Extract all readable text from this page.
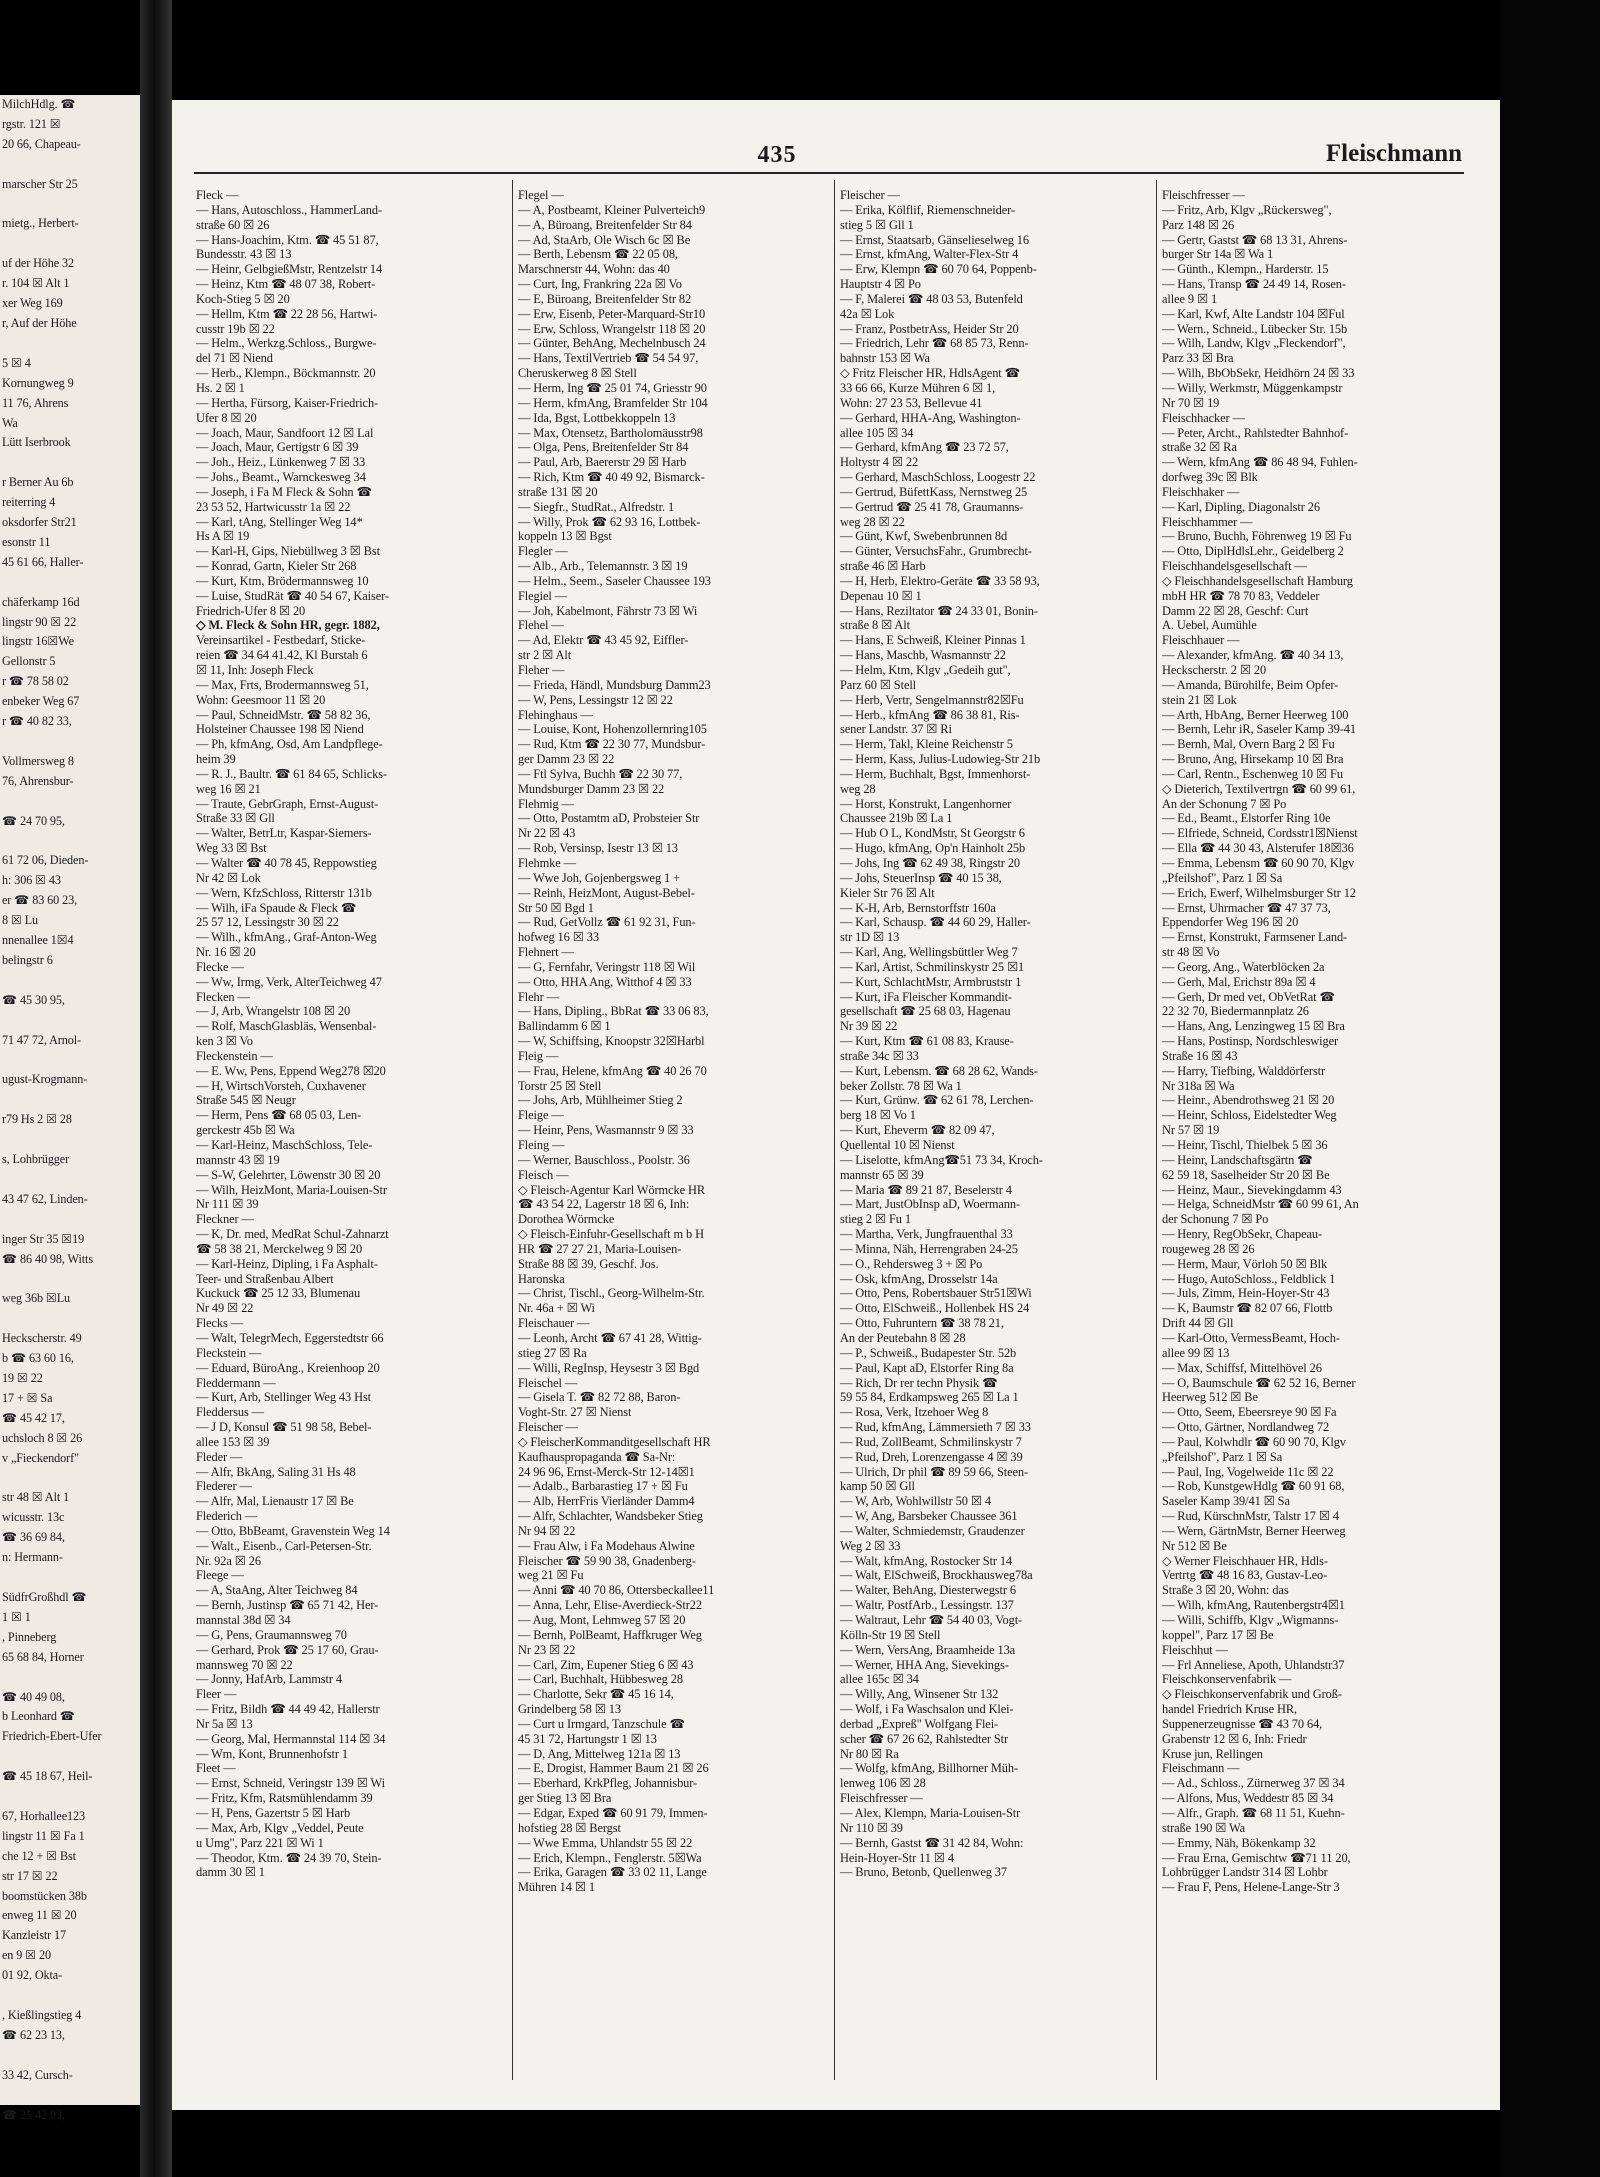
MilchHdlg. ☎
rgstr. 121 ☒
20 66, Chapeau-

marscher Str 25

mietg., Herbert-

uf der Höhe 32
r. 104 ☒ Alt 1
xer Weg 169
r, Auf der Höhe

5 ☒ 4
Kornungweg 9
11 76, Ahrens
Wa
Lütt Iserbrook

r Berner Au 6b
reiterring 4
oksdorfer Str21
esonstr 11
45 61 66, Haller-

chäferkamp 16d
lingstr 90 ☒ 22
lingstr 16☒We
Gellonstr 5
r ☎ 78 58 02
enbeker Weg 67
r ☎ 40 82 33,

Vollmersweg 8
76, Ahrensbur-

☎ 24 70 95,

61 72 06, Dieden-
h: 306 ☒ 43
er ☎ 83 60 23,
8 ☒ Lu
nnenallee 1☒4
belingstr 6

☎ 45 30 95,

71 47 72, Arnol-

ugust-Krogmann-

r79 Hs 2 ☒ 28

s, Lohbrügger

43 47 62, Linden-

inger Str 35 ☒19
☎ 86 40 98, Witts

weg 36b ☒Lu

Heckscherstr. 49
b ☎ 63 60 16,
19 ☒ 22
17 + ☒ Sa
☎ 45 42 17,
uchsloch 8 ☒ 26
v „Fieckendorf"

str 48 ☒ Alt 1
wicusstr. 13c
☎ 36 69 84,
n: Hermann-

SüdfrGroßhdl ☎
1 ☒ 1
, Pinneberg
65 68 84, Horner

☎ 40 49 08,
b Leonhard ☎
Friedrich-Ebert-Ufer

☎ 45 18 67, Heil-

67, Horhallee123
lingstr 11 ☒ Fa 1
che 12 + ☒ Bst
str 17 ☒ 22
boomstücken 38b
enweg 11 ☒ 20
Kanzleistr 17
en 9 ☒ 20
01 92, Okta-

, Kießlingstieg 4
☎ 62 23 13,

33 42, Cursch-

☎ 25 42 03,
435	Fleischmann
Fleck —
— Hans, Autoschloss., HammerLand-
straße 60 ☒ 26
— Hans-Joachim, Ktm. ☎ 45 51 87,
Bundesstr. 43 ☒ 13
— Heinr, GelbgießMstr, Rentzelstr 14
— Heinz, Ktm ☎ 48 07 38, Robert-
Koch-Stieg 5 ☒ 20
— Hellm, Ktm ☎ 22 28 56, Hartwi-
cusstr 19b ☒ 22
— Helm., Werkzg.Schloss., Burgwe-
del 71 ☒ Niend
— Herb., Klempn., Böckmannstr. 20
Hs. 2 ☒ 1
— Hertha, Fürsorg, Kaiser-Friedrich-
Ufer 8 ☒ 20
— Joach, Maur, Sandfoort 12 ☒ Lal
— Joach, Maur, Gertigstr 6 ☒ 39
— Joh., Heiz., Lünkenweg 7 ☒ 33
— Johs., Beamt., Warnckesweg 34
— Joseph, i Fa M Fleck & Sohn ☎
23 53 52, Hartwicusstr 1a ☒ 22
— Karl, tAng, Stellinger Weg 14*
Hs A ☒ 19
— Karl-H, Gips, Niebüllweg 3 ☒ Bst
— Konrad, Gartn, Kieler Str 268
— Kurt, Ktm, Brödermannsweg 10
— Luise, StudRät ☎ 40 54 67, Kaiser-
Friedrich-Ufer 8 ☒ 20
◇ M. Fleck & Sohn HR, gegr. 1882,
Vereinsartikel - Festbedarf, Sticke-
reien ☎ 34 64 41.42, Kl Burstah 6
☒ 11, Inh: Joseph Fleck
— Max, Frts, Brodermannsweg 51,
Wohn: Geesmoor 11 ☒ 20
— Paul, SchneidMstr. ☎ 58 82 36,
Holsteiner Chaussee 198 ☒ Niend
— Ph, kfmAng, Osd, Am Landpflege-
heim 39
— R. J., Baultr. ☎ 61 84 65, Schlicks-
weg 16 ☒ 21
— Traute, GebrGraph, Ernst-August-
Straße 33 ☒ Gll
— Walter, BetrLtr, Kaspar-Siemers-
Weg 33 ☒ Bst
— Walter ☎ 40 78 45, Reppowstieg
Nr 42 ☒ Lok
— Wern, KfzSchloss, Ritterstr 131b
— Wilh, iFa Spaude & Fleck ☎
25 57 12, Lessingstr 30 ☒ 22
— Wilh., kfmAng., Graf-Anton-Weg
Nr. 16 ☒ 20
Flecke —
— Ww, Irmg, Verk, AlterTeichweg 47
Flecken —
— J, Arb, Wrangelstr 108 ☒ 20
— Rolf, MaschGlasbläs, Wensenbal-
ken 3 ☒ Vo
Fleckenstein —
— E. Ww, Pens, Eppend Weg278 ☒20
— H, WirtschVorsteh, Cuxhavener
Straße 545 ☒ Neugr
— Herm, Pens ☎ 68 05 03, Len-
gerckestr 45b ☒ Wa
— Karl-Heinz, MaschSchloss, Tele-
mannstr 43 ☒ 19
— S-W, Gelehrter, Löwenstr 30 ☒ 20
— Wilh, HeizMont, Maria-Louisen-Str
Nr 111 ☒ 39
Fleckner —
— K, Dr. med, MedRat Schul-Zahnarzt
☎ 58 38 21, Merckelweg 9 ☒ 20
— Karl-Heinz, Dipling, i Fa Asphalt-
Teer- und Straßenbau Albert
Kuckuck ☎ 25 12 33, Blumenau
Nr 49 ☒ 22
Flecks —
— Walt, TelegrMech, Eggerstedtstr 66
Fleckstein —
— Eduard, BüroAng., Kreienhoop 20
Fleddermann —
— Kurt, Arb, Stellinger Weg 43 Hst
Fleddersus —
— J D, Konsul ☎ 51 98 58, Bebel-
allee 153 ☒ 39
Fleder —
— Alfr, BkAng, Saling 31 Hs 48
Flederer —
— Alfr, Mal, Lienaustr 17 ☒ Be
Flederich —
— Otto, BbBeamt, Gravenstein Weg 14
— Walt., Eisenb., Carl-Petersen-Str.
Nr. 92a ☒ 26
Fleege —
— A, StaAng, Alter Teichweg 84
— Bernh, Justinsp ☎ 65 71 42, Her-
mannstal 38d ☒ 34
— G, Pens, Graumannsweg 70
— Gerhard, Prok ☎ 25 17 60, Grau-
mannsweg 70 ☒ 22
— Jonny, HafArb, Lammstr 4
Fleer —
— Fritz, Bildh ☎ 44 49 42, Hallerstr
Nr 5a ☒ 13
— Georg, Mal, Hermannstal 114 ☒ 34
— Wm, Kont, Brunnenhofstr 1
Fleet —
— Ernst, Schneid, Veringstr 139 ☒ Wi
— Fritz, Kfm, Ratsmühlendamm 39
— H, Pens, Gazertstr 5 ☒ Harb
— Max, Arb, Klgv „Veddel, Peute
u Umg", Parz 221 ☒ Wi 1
— Theodor, Ktm. ☎ 24 39 70, Stein-
damm 30 ☒ 1
Flegel —
— A, Postbeamt, Kleiner Pulverteich9
— A, Büroang, Breitenfelder Str 84
— Ad, StaArb, Ole Wisch 6c ☒ Be
— Berth, Lebensm ☎ 22 05 08,
Marschnerstr 44, Wohn: das 40
— Curt, Ing, Frankring 22a ☒ Vo
— E, Büroang, Breitenfelder Str 82
— Erw, Eisenb, Peter-Marquard-Str10
— Erw, Schloss, Wrangelstr 118 ☒ 20
— Günter, BehAng, Mechelnbusch 24
— Hans, TextilVertrieb ☎ 54 54 97,
Cheruskerweg 8 ☒ Stell
— Herm, Ing ☎ 25 01 74, Griesstr 90
— Herm, kfmAng, Bramfelder Str 104
— Ida, Bgst, Lottbekkoppeln 13
— Max, Otensetz, Bartholomäusstr98
— Olga, Pens, Breitenfelder Str 84
— Paul, Arb, Baererstr 29 ☒ Harb
— Rich, Ktm ☎ 40 49 92, Bismarck-
straße 131 ☒ 20
— Siegfr., StudRat., Alfredstr. 1
— Willy, Prok ☎ 62 93 16, Lottbek-
koppeln 13 ☒ Bgst
Flegler —
— Alb., Arb., Telemannstr. 3 ☒ 19
— Helm., Seem., Saseler Chaussee 193
Flegiel —
— Joh, Kabelmont, Fährstr 73 ☒ Wi
Flehel —
— Ad, Elektr ☎ 43 45 92, Eiffler-
str 2 ☒ Alt
Fleher —
— Frieda, Händl, Mundsburg Damm23
— W, Pens, Lessingstr 12 ☒ 22
Flehinghaus —
— Louise, Kont, Hohenzollernring105
— Rud, Ktm ☎ 22 30 77, Mundsbur-
ger Damm 23 ☒ 22
— Ftl Sylva, Buchh ☎ 22 30 77,
Mundsburger Damm 23 ☒ 22
Flehmig —
— Otto, Postamtm aD, Probsteier Str
Nr 22 ☒ 43
— Rob, Versinsp, Isestr 13 ☒ 13
Flehmke —
— Wwe Joh, Gojenbergsweg 1 +
— Reinh, HeizMont, August-Bebel-
Str 50 ☒ Bgd 1
— Rud, GetVollz ☎ 61 92 31, Fun-
hofweg 16 ☒ 33
Flehnert —
— G, Fernfahr, Veringstr 118 ☒ Wil
— Otto, HHA Ang, Witthof 4 ☒ 33
Flehr —
— Hans, Dipling., BbRat ☎ 33 06 83,
Ballindamm 6 ☒ 1
— W, Schiffsing, Knoopstr 32☒Harbl
Fleig —
— Frau, Helene, kfmAng ☎ 40 26 70
Torstr 25 ☒ Stell
— Johs, Arb, Mühlheimer Stieg 2
Fleige —
— Heinr, Pens, Wasmannstr 9 ☒ 33
Fleing —
— Werner, Bauschloss., Poolstr. 36
Fleisch —
◇ Fleisch-Agentur Karl Wörmcke HR
☎ 43 54 22, Lagerstr 18 ☒ 6, Inh:
Dorothea Wörmcke
◇ Fleisch-Einfuhr-Gesellschaft m b H
HR ☎ 27 27 21, Maria-Louisen-
Straße 88 ☒ 39, Geschf. Jos.
Haronska
— Christ, Tischl., Georg-Wilhelm-Str.
Nr. 46a + ☒ Wi
Fleischauer —
— Leonh, Archt ☎ 67 41 28, Wittig-
stieg 27 ☒ Ra
— Willi, RegInsp, Heysestr 3 ☒ Bgd
Fleischel —
— Gisela T. ☎ 82 72 88, Baron-
Voght-Str. 27 ☒ Nienst
Fleischer —
◇ FleischerKommanditgesellschaft HR
Kaufhauspropaganda ☎ Sa-Nr:
24 96 96, Ernst-Merck-Str 12-14☒1
— Adalb., Barbarastieg 17 + ☒ Fu
— Alb, HerrFris Vierländer Damm4
— Alfr, Schlachter, Wandsbeker Stieg
Nr 94 ☒ 22
— Frau Alw, i Fa Modehaus Alwine
Fleischer ☎ 59 90 38, Gnadenberg-
weg 21 ☒ Fu
— Anni ☎ 40 70 86, Ottersbeckallee11
— Anna, Lehr, Elise-Averdieck-Str22
— Aug, Mont, Lehmweg 57 ☒ 20
— Bernh, PolBeamt, Haffkruger Weg
Nr 23 ☒ 22
— Carl, Zim, Eupener Stieg 6 ☒ 43
— Carl, Buchhalt, Hübbesweg 28
— Charlotte, Sekr ☎ 45 16 14,
Grindelberg 58 ☒ 13
— Curt u Irmgard, Tanzschule ☎
45 31 72, Hartungstr 1 ☒ 13
— D, Ang, Mittelweg 121a ☒ 13
— E, Drogist, Hammer Baum 21 ☒ 26
— Eberhard, KrkPfleg, Johannisbur-
ger Stieg 13 ☒ Bra
— Edgar, Exped ☎ 60 91 79, Immen-
hofstieg 28 ☒ Bergst
— Wwe Emma, Uhlandstr 55 ☒ 22
— Erich, Klempn., Fenglerstr. 5☒Wa
— Erika, Garagen ☎ 33 02 11, Lange
Mühren 14 ☒ 1
Fleischer —
— Erika, Kölflif, Riemenschneider-
stieg 5 ☒ Gll 1
— Ernst, Staatsarb, Gänselieselweg 16
— Ernst, kfmAng, Walter-Flex-Str 4
— Erw, Klempn ☎ 60 70 64, Poppenb-
Hauptstr 4 ☒ Po
— F, Malerei ☎ 48 03 53, Butenfeld
42a ☒ Lok
— Franz, PostbetrAss, Heider Str 20
— Friedrich, Lehr ☎ 68 85 73, Renn-
bahnstr 153 ☒ Wa
◇ Fritz Fleischer HR, HdlsAgent ☎
33 66 66, Kurze Mühren 6 ☒ 1,
Wohn: 27 23 53, Bellevue 41
— Gerhard, HHA-Ang, Washington-
allee 105 ☒ 34
— Gerhard, kfmAng ☎ 23 72 57,
Holtystr 4 ☒ 22
— Gerhard, MaschSchloss, Loogestr 22
— Gertrud, BüfettKass, Nernstweg 25
— Gertrud ☎ 25 41 78, Graumanns-
weg 28 ☒ 22
— Günt, Kwf, Swebenbrunnen 8d
— Günter, VersuchsFahr., Grumbrecht-
straße 46 ☒ Harb
— H, Herb, Elektro-Geräte ☎ 33 58 93,
Depenau 10 ☒ 1
— Hans, Reziltator ☎ 24 33 01, Bonin-
straße 8 ☒ Alt
— Hans, E Schweiß, Kleiner Pinnas 1
— Hans, Maschb, Wasmannstr 22
— Helm, Ktm, Klgv „Gedeih gut",
Parz 60 ☒ Stell
— Herb, Vertr, Sengelmannstr82☒Fu
— Herb., kfmAng ☎ 86 38 81, Ris-
sener Landstr. 37 ☒ Ri
— Herm, Takl, Kleine Reichenstr 5
— Herm, Kass, Julius-Ludowieg-Str 21b
— Herm, Buchhalt, Bgst, Immenhorst-
weg 28
— Horst, Konstrukt, Langenhorner
Chaussee 219b ☒ La 1
— Hub O L, KondMstr, St Georgstr 6
— Hugo, kfmAng, Op'n Hainholt 25b
— Johs, Ing ☎ 62 49 38, Ringstr 20
— Johs, SteuerInsp ☎ 40 15 38,
Kieler Str 76 ☒ Alt
— K-H, Arb, Bernstorffstr 160a
— Karl, Schausp. ☎ 44 60 29, Haller-
str 1D ☒ 13
— Karl, Ang, Wellingsbüttler Weg 7
— Karl, Artist, Schmilinskystr 25 ☒1
— Kurt, SchlachtMstr, Armbruststr 1
— Kurt, iFa Fleischer Kommandit-
gesellschaft ☎ 25 68 03, Hagenau
Nr 39 ☒ 22
— Kurt, Ktm ☎ 61 08 83, Krause-
straße 34c ☒ 33
— Kurt, Lebensm. ☎ 68 28 62, Wands-
beker Zollstr. 78 ☒ Wa 1
— Kurt, Grünw. ☎ 62 61 78, Lerchen-
berg 18 ☒ Vo 1
— Kurt, Eheverm ☎ 82 09 47,
Quellental 10 ☒ Nienst
— Liselotte, kfmAng☎51 73 34, Kroch-
mannstr 65 ☒ 39
— Maria ☎ 89 21 87, Beselerstr 4
— Mart, JustObInsp aD, Woermann-
stieg 2 ☒ Fu 1
— Martha, Verk, Jungfrauenthal 33
— Minna, Näh, Herrengraben 24-25
— O., Rehdersweg 3 + ☒ Po
— Osk, kfmAng, Drosselstr 14a
— Otto, Pens, Robertsbauer Str51☒Wi
— Otto, ElSchweiß., Hollenbek HS 24
— Otto, Fuhruntern ☎ 38 78 21,
An der Peutebahn 8 ☒ 28
— P., Schweiß., Budapester Str. 52b
— Paul, Kapt aD, Elstorfer Ring 8a
— Rich, Dr rer techn Physik ☎
59 55 84, Erdkampsweg 265 ☒ La 1
— Rosa, Verk, Itzehoer Weg 8
— Rud, kfmAng, Lämmersieth 7 ☒ 33
— Rud, ZollBeamt, Schmilinskystr 7
— Rud, Dreh, Lorenzengasse 4 ☒ 39
— Ulrich, Dr phil ☎ 89 59 66, Steen-
kamp 50 ☒ Gll
— W, Arb, Wohlwillstr 50 ☒ 4
— W, Ang, Barsbeker Chaussee 361
— Walter, Schmiedemstr, Graudenzer
Weg 2 ☒ 33
— Walt, kfmAng, Rostocker Str 14
— Walt, ElSchweiß, Brockhausweg78a
— Walter, BehAng, Diesterwegstr 6
— Waltr, PostfArb., Lessingstr. 137
— Waltraut, Lehr ☎ 54 40 03, Vogt-
Kölln-Str 19 ☒ Stell
— Wern, VersAng, Braamheide 13a
— Werner, HHA Ang, Sievekings-
allee 165c ☒ 34
— Willy, Ang, Winsener Str 132
— Wolf, i Fa Waschsalon und Klei-
derbad „Expreß" Wolfgang Flei-
scher ☎ 67 26 62, Rahlstedter Str
Nr 80 ☒ Ra
— Wolfg, kfmAng, Billhorner Müh-
lenweg 106 ☒ 28
Fleischfresser —
— Alex, Klempn, Maria-Louisen-Str
Nr 110 ☒ 39
— Bernh, Gastst ☎ 31 42 84, Wohn:
Hein-Hoyer-Str 11 ☒ 4
— Bruno, Betonb, Quellenweg 37
Fleischfresser —
— Fritz, Arb, Klgv „Rückersweg",
Parz 148 ☒ 26
— Gertr, Gastst ☎ 68 13 31, Ahrens-
burger Str 14a ☒ Wa 1
— Günth., Klempn., Harderstr. 15
— Hans, Transp ☎ 24 49 14, Rosen-
allee 9 ☒ 1
— Karl, Kwf, Alte Landstr 104 ☒Ful
— Wern., Schneid., Lübecker Str. 15b
— Wilh, Landw, Klgv „Fleckendorf",
Parz 33 ☒ Bra
— Wilh, BbObSekr, Heidhörn 24 ☒ 33
— Willy, Werkmstr, Müggenkampstr
Nr 70 ☒ 19
Fleischhacker —
— Peter, Archt., Rahlstedter Bahnhof-
straße 32 ☒ Ra
— Wern, kfmAng ☎ 86 48 94, Fuhlen-
dorfweg 39c ☒ Blk
Fleischhaker —
— Karl, Dipling, Diagonalstr 26
Fleischhammer —
— Bruno, Buchh, Föhrenweg 19 ☒ Fu
— Otto, DiplHdlsLehr., Geidelberg 2
Fleischhandelsgesellschaft —
◇ Fleischhandelsgesellschaft Hamburg
mbH HR ☎ 78 70 83, Veddeler
Damm 22 ☒ 28, Geschf: Curt
A. Uebel, Aumühle
Fleischhauer —
— Alexander, kfmAng. ☎ 40 34 13,
Heckscherstr. 2 ☒ 20
— Amanda, Bürohilfe, Beim Opfer-
stein 21 ☒ Lok
— Arth, HbAng, Berner Heerweg 100
— Bernh, Lehr iR, Saseler Kamp 39-41
— Bernh, Mal, Overn Barg 2 ☒ Fu
— Bruno, Ang, Hirsekamp 10 ☒ Bra
— Carl, Rentn., Eschenweg 10 ☒ Fu
◇ Dieterich, Textilvertrgn ☎ 60 99 61,
An der Schonung 7 ☒ Po
— Ed., Beamt., Elstorfer Ring 10e
— Elfriede, Schneid, Cordsstr1☒Nienst
— Ella ☎ 44 30 43, Alsterufer 18☒36
— Emma, Lebensm ☎ 60 90 70, Klgv
„Pfeilshof", Parz 1 ☒ Sa
— Erich, Ewerf, Wilhelmsburger Str 12
— Ernst, Uhrmacher ☎ 47 37 73,
Eppendorfer Weg 196 ☒ 20
— Ernst, Konstrukt, Farmsener Land-
str 48 ☒ Vo
— Georg, Ang., Waterblöcken 2a
— Gerh, Mal, Erichstr 89a ☒ 4
— Gerh, Dr med vet, ObVetRat ☎
22 32 70, Biedermannplatz 26
— Hans, Ang, Lenzingweg 15 ☒ Bra
— Hans, Postinsp, Nordschleswiger
Straße 16 ☒ 43
— Harry, Tiefbing, Walddörferstr
Nr 318a ☒ Wa
— Heinr., Abendrothsweg 21 ☒ 20
— Heinr, Schloss, Eidelstedter Weg
Nr 57 ☒ 19
— Heinr, Tischl, Thielbek 5 ☒ 36
— Heinr, Landschaftsgärtn ☎
62 59 18, Saselheider Str 20 ☒ Be
— Heinz, Maur., Sievekingdamm 43
— Helga, SchneidMstr ☎ 60 99 61, An
der Schonung 7 ☒ Po
— Henry, RegObSekr, Chapeau-
rougeweg 28 ☒ 26
— Herm, Maur, Vörloh 50 ☒ Blk
— Hugo, AutoSchloss., Feldblick 1
— Juls, Zimm, Hein-Hoyer-Str 43
— K, Baumstr ☎ 82 07 66, Flottb
Drift 44 ☒ Gll
— Karl-Otto, VermessBeamt, Hoch-
allee 99 ☒ 13
— Max, Schiffsf, Mittelhövel 26
— O, Baumschule ☎ 62 52 16, Berner
Heerweg 512 ☒ Be
— Otto, Seem, Ebeersreye 90 ☒ Fa
— Otto, Gärtner, Nordlandweg 72
— Paul, Kolwhdlr ☎ 60 90 70, Klgv
„Pfeilshof", Parz 1 ☒ Sa
— Paul, Ing, Vogelweide 11c ☒ 22
— Rob, KunstgewHdlg ☎ 60 91 68,
Saseler Kamp 39/41 ☒ Sa
— Rud, KürschnMstr, Talstr 17 ☒ 4
— Wern, GärtnMstr, Berner Heerweg
Nr 512 ☒ Be
◇ Werner Fleischhauer HR, Hdls-
Vertrtg ☎ 48 16 83, Gustav-Leo-
Straße 3 ☒ 20, Wohn: das
— Wilh, kfmAng, Rautenbergstr4☒1
— Willi, Schiffb, Klgv „Wigmanns-
koppel", Parz 17 ☒ Be
Fleischhut —
— Frl Anneliese, Apoth, Uhlandstr37
Fleischkonservenfabrik —
◇ Fleischkonservenfabrik und Groß-
handel Friedrich Kruse HR,
Suppenerzeugnisse ☎ 43 70 64,
Grabenstr 12 ☒ 6, Inh: Friedr
Kruse jun, Rellingen
Fleischmann —
— Ad., Schloss., Zürnerweg 37 ☒ 34
— Alfons, Mus, Weddestr 85 ☒ 34
— Alfr., Graph. ☎ 68 11 51, Kuehn-
straße 190 ☒ Wa
— Emmy, Näh, Bökenkamp 32
— Frau Erna, Gemischtw ☎71 11 20,
Lohbrügger Landstr 314 ☒ Lohbr
— Frau F, Pens, Helene-Lange-Str 3
